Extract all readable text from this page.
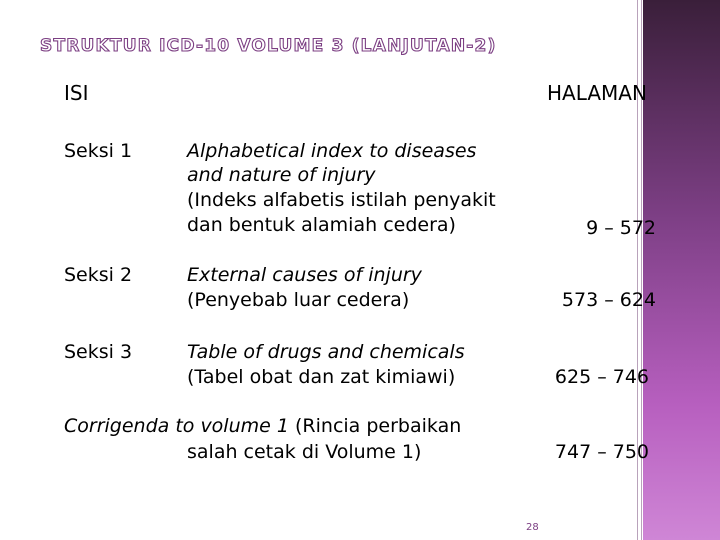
STRUKTUR ICD-10 VOLUME 3 (LANJUTAN-2)
ISI	HALAMAN
Seksi 1	Alphabetical index to diseases
and nature of injury
(Indeks alfabetis istilah penyakit
dan bentuk alamiah cedera)	9 – 572
Seksi 2	External causes of injury
(Penyebab luar cedera)	573 – 624
Seksi 3	Table of drugs and chemicals
(Tabel obat dan zat kimiawi)	625 – 746
Corrigenda to volume 1 (Rincia perbaikan
salah cetak di Volume 1)	747 – 750
28
